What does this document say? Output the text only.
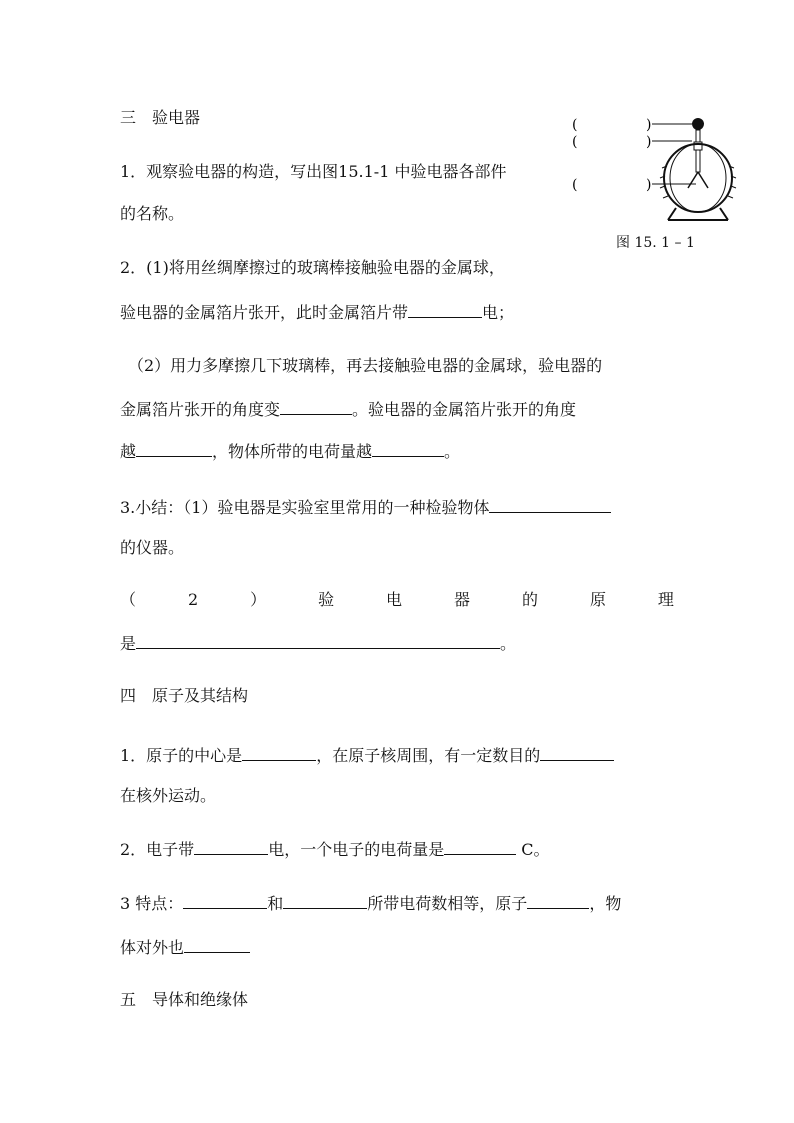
三　验电器	(	)
(	)
(	)
图 15. 1 – 1
1．观察验电器的构造，写出图15.1-1 中验电器各部件
的名称。
2．(1)将用丝绸摩擦过的玻璃棒接触验电器的金属球，
验电器的金属箔片张开，此时金属箔片带	电；
（2）用力多摩擦几下玻璃棒，再去接触验电器的金属球，验电器的
金属箔片张开的角度变	。验电器的金属箔片张开的角度
越	，物体所带的电荷量越	。
3.小结：（1）验电器是实验室里常用的一种检验物体
的仪器。
（	2	）	验	电	器	的	原	理
是	。
四　原子及其结构
1．原子的中心是	，在原子核周围，有一定数目的
在核外运动。
2．电子带	电，一个电子的电荷量是	C。
3 特点：	和	所带电荷数相等，原子	，物
体对外也
五　导体和绝缘体
